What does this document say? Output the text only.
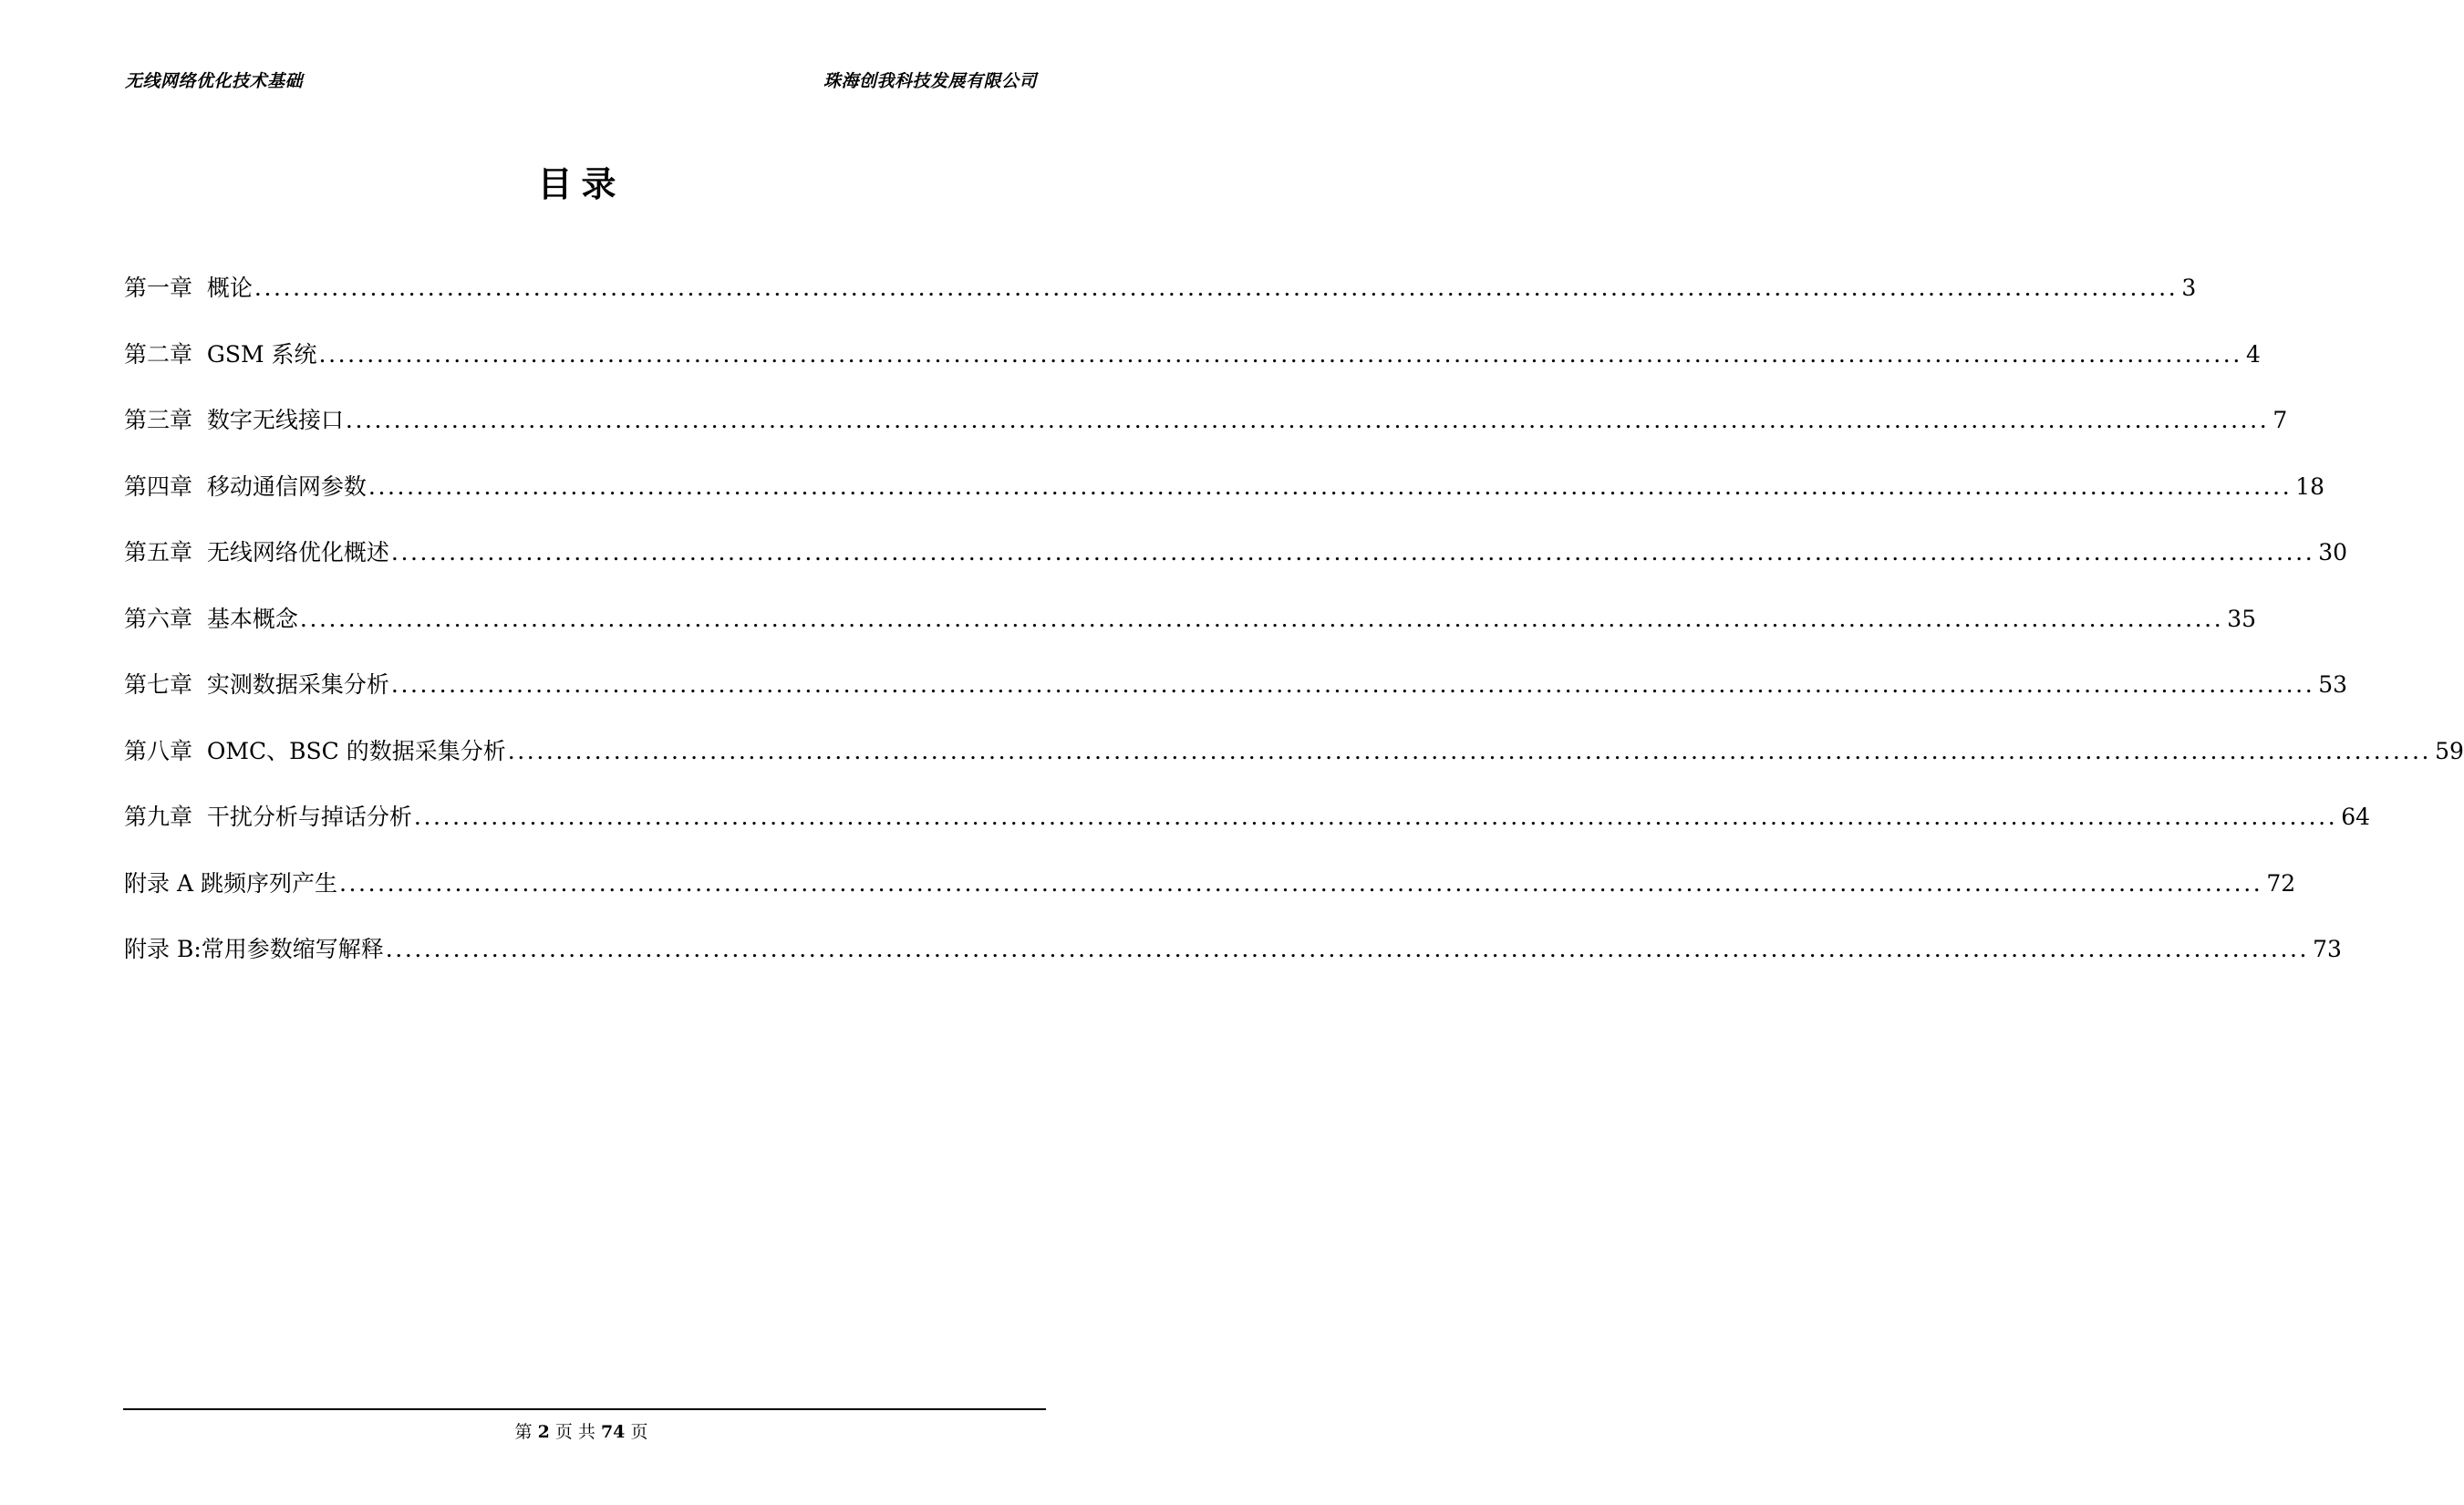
无线网络优化技术基础	珠海创我科技发展有限公司
目录
第一章  概论 ........................................................................................................................................................................................................ 3
第二章  GSM 系统 ........................................................................................................................................................................................................ 4
第三章  数字无线接口 ........................................................................................................................................................................................................ 7
第四章  移动通信网参数 ........................................................................................................................................................................................................ 18
第五章  无线网络优化概述 ........................................................................................................................................................................................................ 30
第六章  基本概念 ........................................................................................................................................................................................................ 35
第七章  实测数据采集分析 ........................................................................................................................................................................................................ 53
第八章  OMC、BSC 的数据采集分析 ........................................................................................................................................................................................................ 59
第九章  干扰分析与掉话分析 ........................................................................................................................................................................................................ 64
附录 A 跳频序列产生 ........................................................................................................................................................................................................ 72
附录 B:常用参数缩写解释 ........................................................................................................................................................................................................ 73
第 2 页 共 74 页
